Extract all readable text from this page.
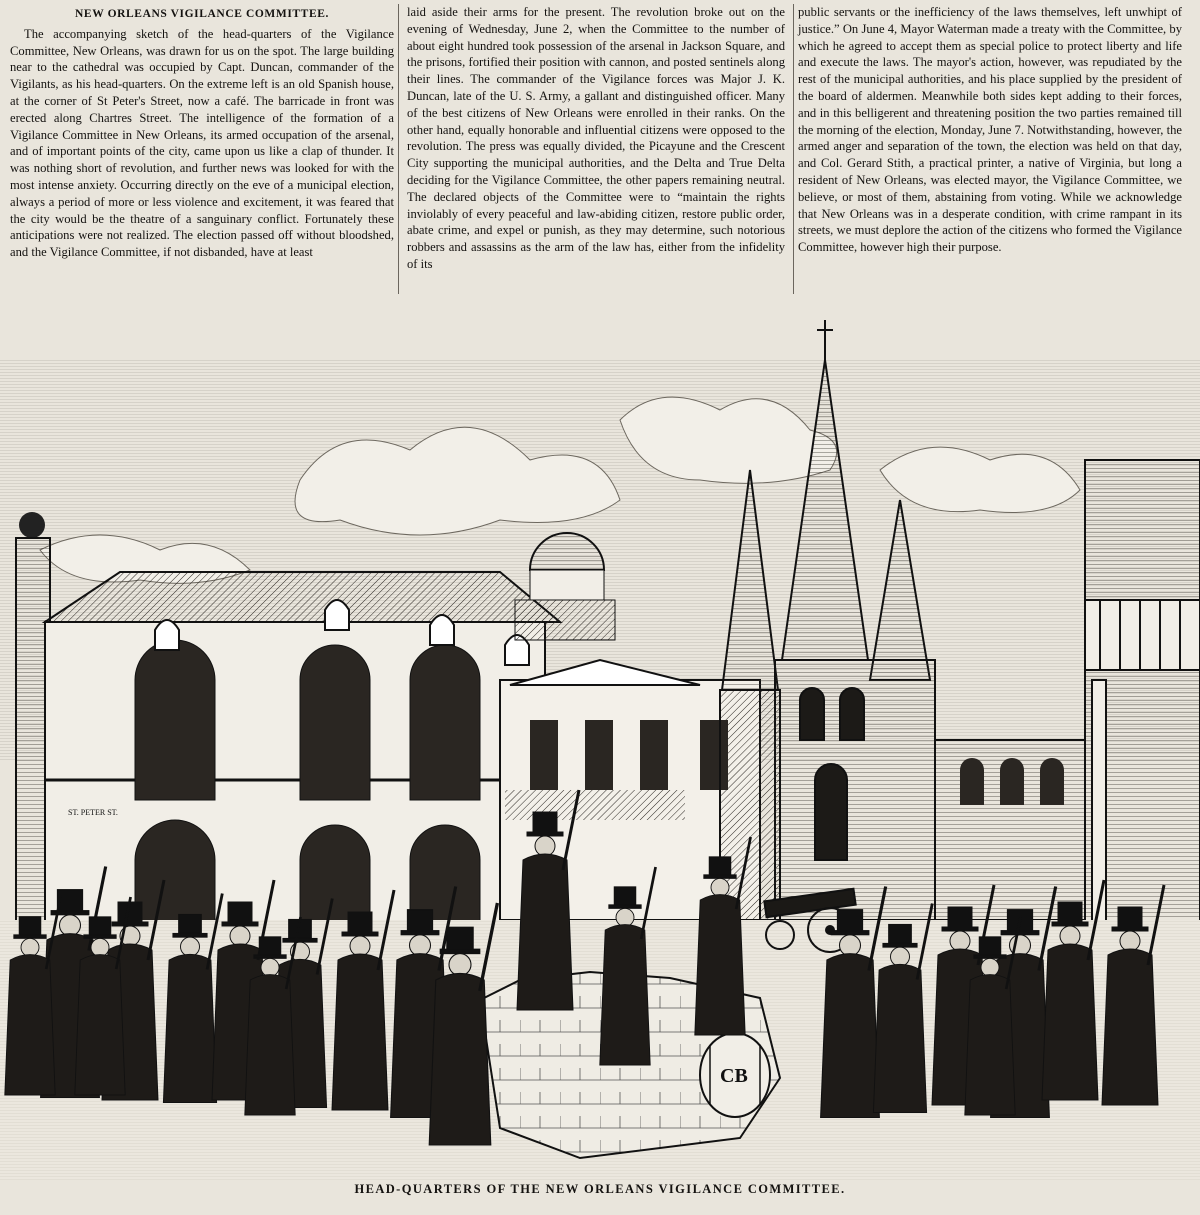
NEW ORLEANS VIGILANCE COMMITTEE.

The accompanying sketch of the head-quarters of the Vigilance Committee, New Orleans, was drawn for us on the spot. The large building near to the cathedral was occupied by Capt. Duncan, commander of the Vigilants, as his head-quarters. On the extreme left is an old Spanish house, at the corner of St Peter's Street, now a café. The barricade in front was erected along Chartres Street. The intelligence of the formation of a Vigilance Committee in New Orleans, its armed occupation of the arsenal, and of important points of the city, came upon us like a clap of thunder. It was nothing short of revolution, and further news was looked for with the most intense anxiety. Occurring directly on the eve of a municipal election, always a period of more or less violence and excitement, it was feared that the city would be the theatre of a sanguinary conflict. Fortunately these anticipations were not realized. The election passed off without bloodshed, and the Vigilance Committee, if not disbanded, have at least

laid aside their arms for the present. The revolution broke out on the evening of Wednesday, June 2, when the Committee to the number of about eight hundred took possession of the arsenal in Jackson Square, and the prisons, fortified their position with cannon, and posted sentinels along their lines. The commander of the Vigilance forces was Major J. K. Duncan, late of the U. S. Army, a gallant and distinguished officer. Many of the best citizens of New Orleans were enrolled in their ranks. On the other hand, equally honorable and influential citizens were opposed to the revolution. The press was equally divided, the Picayune and the Crescent City supporting the municipal authorities, and the Delta and True Delta deciding for the Vigilance Committee, the other papers remaining neutral. The declared objects of the Committee were to “maintain the rights inviolably of every peaceful and law-abiding citizen, restore public order, abate crime, and expel or punish, as they may determine, such notorious robbers and assassins as the arm of the law has, either from the infidelity of its

public servants or the inefficiency of the laws themselves, left unwhipt of justice.” On June 4, Mayor Waterman made a treaty with the Committee, by which he agreed to accept them as special police to protect liberty and life and execute the laws. The mayor's action, however, was repudiated by the rest of the municipal authorities, and his place supplied by the president of the board of aldermen. Meanwhile both sides kept adding to their forces, and in this belligerent and threatening position the two parties remained till the morning of the election, Monday, June 7. Notwithstanding, however, the armed anger and separation of the town, the election was held on that day, and Col. Gerard Stith, a practical printer, a native of Virginia, but long a resident of New Orleans, was elected mayor, the Vigilance Committee, we believe, or most of them, abstaining from voting. While we acknowledge that New Orleans was in a desperate condition, with crime rampant in its streets, we must deplore the action of the citizens who formed the Vigilance Committee, however high their purpose.

ST. PETER ST.
CB
HEAD-QUARTERS OF THE NEW ORLEANS VIGILANCE COMMITTEE.
